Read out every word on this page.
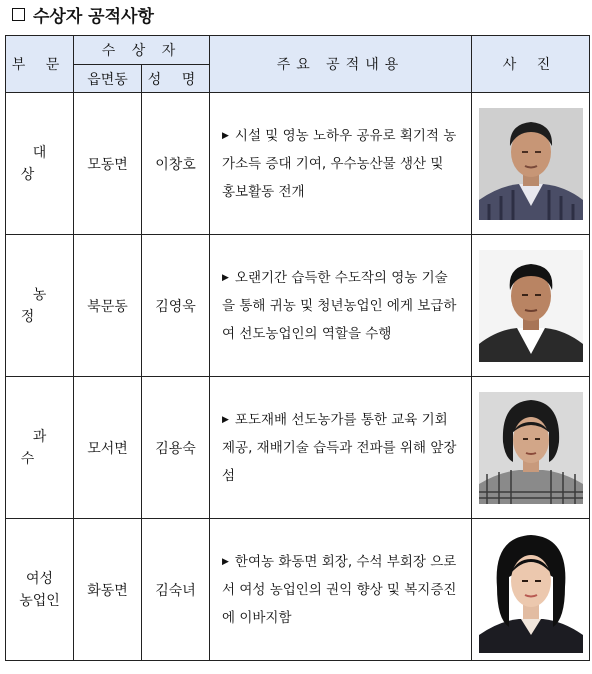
수상자 공적사항
부 문	수 상 자		주요 공적내용	사 진
	읍면동	성 명		
대 상	모동면	이창호	▶ 시설 및 영농 노하우 공유로 획기적 농가소득 증대 기여, 우수농산물 생산 및 홍보활동 전개	

농 정	북문동	김영욱	▶ 오랜기간 습득한 수도작의 영농 기술을 통해 귀농 및 청년농업인 에게 보급하여 선도농업인의 역할을 수행	

과 수	모서면	김용숙	▶ 포도재배 선도농가를 통한 교육 기회 제공, 재배기술 습득과 전파를 위해 앞장섬	

여성 농업인	화동면	김숙녀	▶ 한여농 화동면 회장, 수석 부회장 으로서 여성 농업인의 권익 향상 및 복지증진에 이바지함	
